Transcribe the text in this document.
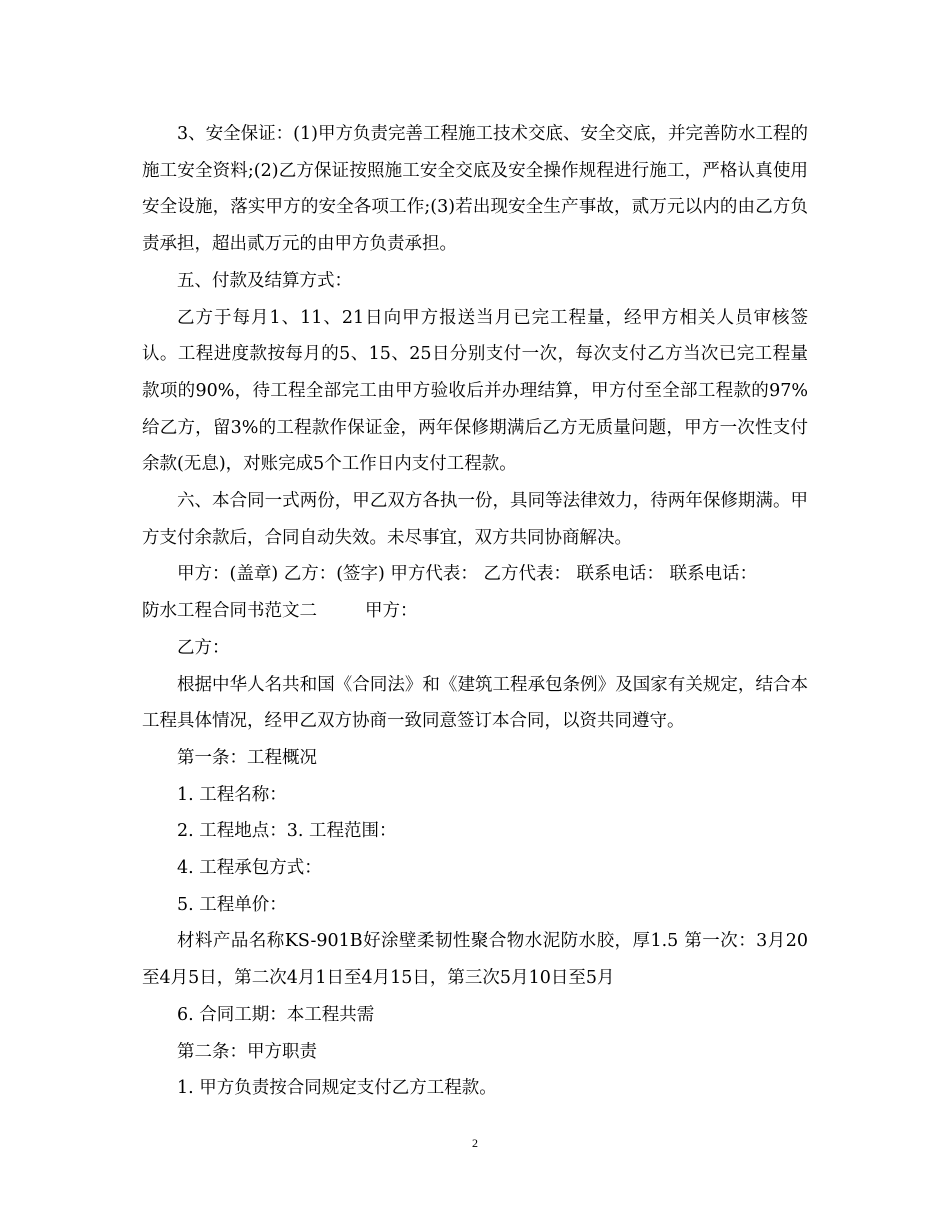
3、安全保证：(1)甲方负责完善工程施工技术交底、安全交底，并完善防水工程的施工安全资料;(2)乙方保证按照施工安全交底及安全操作规程进行施工，严格认真使用安全设施，落实甲方的安全各项工作;(3)若出现安全生产事故，贰万元以内的由乙方负责承担，超出贰万元的由甲方负责承担。

五、付款及结算方式：

乙方于每月1、11、21日向甲方报送当月已完工程量，经甲方相关人员审核签认。工程进度款按每月的5、15、25日分别支付一次，每次支付乙方当次已完工程量款项的90%，待工程全部完工由甲方验收后并办理结算，甲方付至全部工程款的97%给乙方，留3%的工程款作保证金，两年保修期满后乙方无质量问题，甲方一次性支付余款(无息)，对账完成5个工作日内支付工程款。

六、本合同一式两份，甲乙双方各执一份，具同等法律效力，待两年保修期满。甲方支付余款后，合同自动失效。未尽事宜，双方共同协商解决。

甲方：(盖章) 乙方：(签字) 甲方代表： 乙方代表： 联系电话： 联系电话：

防水工程合同书范文二	甲方：

乙方：

根据中华人名共和国《合同法》和《建筑工程承包条例》及国家有关规定，结合本工程具体情况，经甲乙双方协商一致同意签订本合同，以资共同遵守。

第一条：工程概况

1. 工程名称：

2. 工程地点：3. 工程范围：

4. 工程承包方式：

5. 工程单价：

材料产品名称KS-901B好涂壁柔韧性聚合物水泥防水胶，厚1.5 第一次：3月20至4月5日，第二次4月1日至4月15日，第三次5月10日至5月

6. 合同工期：本工程共需

第二条：甲方职责

1. 甲方负责按合同规定支付乙方工程款。

2
